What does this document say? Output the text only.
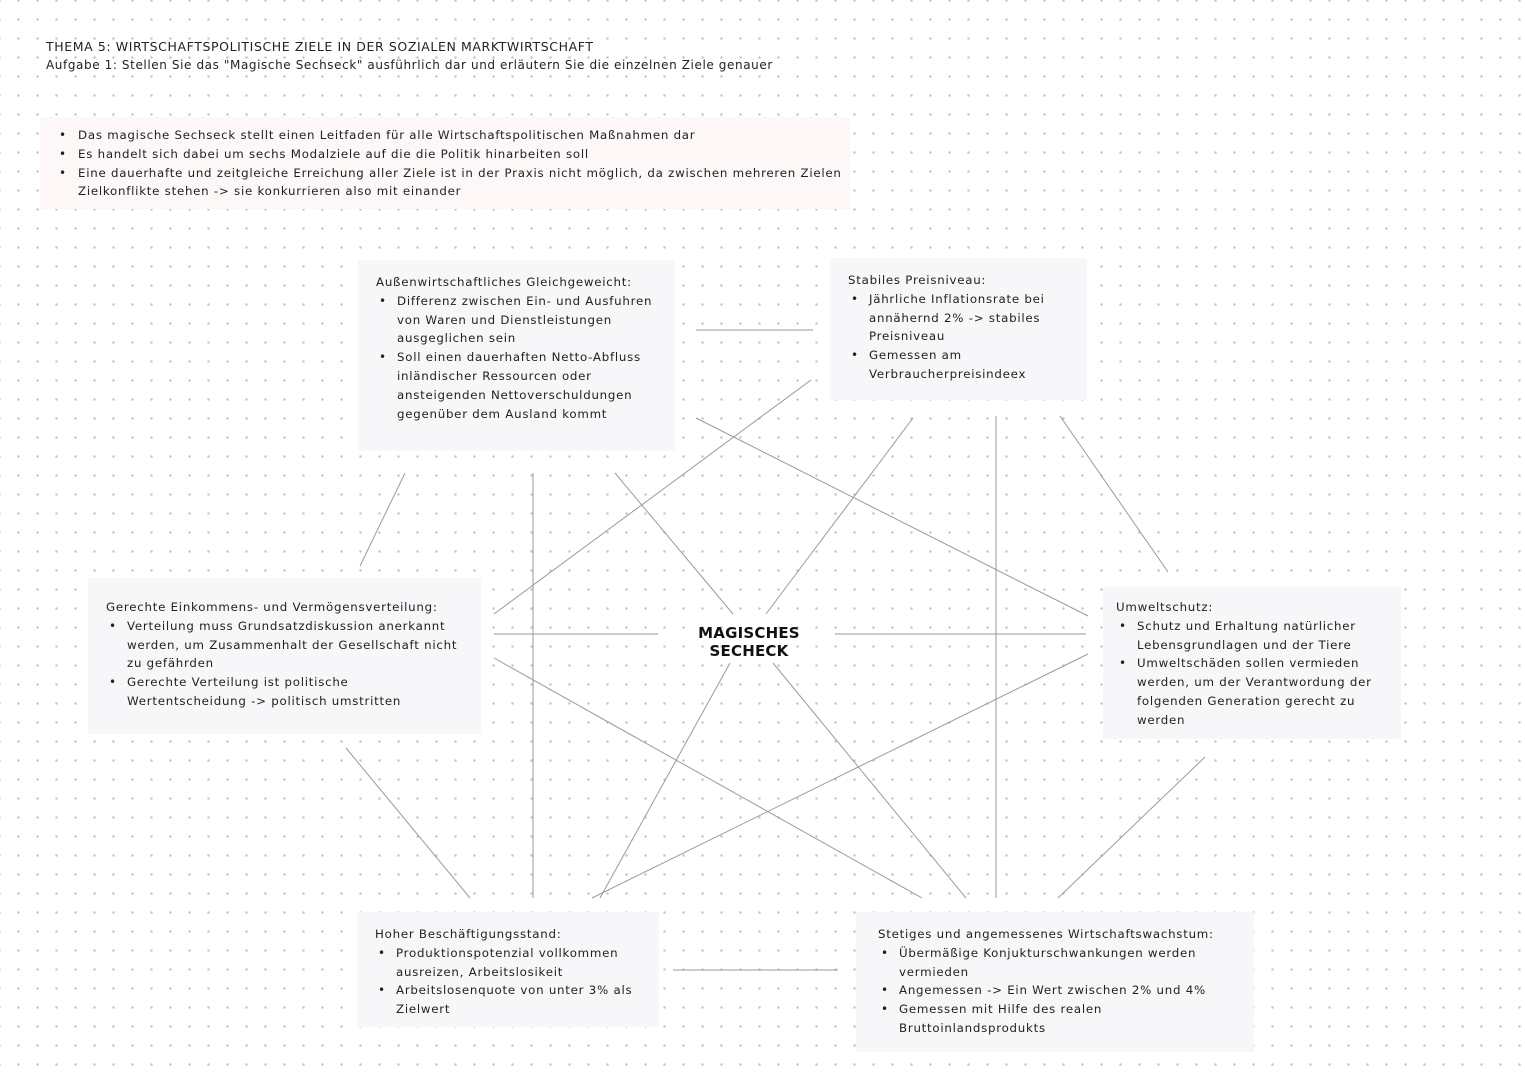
THEMA 5: WIRTSCHAFTSPOLITISCHE ZIELE IN DER SOZIALEN MARKTWIRTSCHAFT
Aufgabe 1: Stellen Sie das "Magische Sechseck" ausführlich dar und erläutern Sie die einzelnen Ziele genauer
• Das magische Sechseck stellt einen Leitfaden für alle Wirtschaftspolitischen Maßnahmen dar
• Es handelt sich dabei um sechs Modalziele auf die die Politik hinarbeiten soll
• Eine dauerhafte und zeitgleiche Erreichung aller Ziele ist in der Praxis nicht möglich, da zwischen mehreren Zielen Zielkonflikte stehen -> sie konkurrieren also mit einander
MAGISCHES SECHECK
Außenwirtschaftliches Gleichgeweicht:
• Differenz zwischen Ein- und Ausfuhren von Waren und Dienstleistungen ausgeglichen sein
• Soll einen dauerhaften Netto-Abfluss inländischer Ressourcen oder ansteigenden Nettoverschuldungen gegenüber dem Ausland kommt
Stabiles Preisniveau:
• Jährliche Inflationsrate bei annähernd 2% -> stabiles Preisniveau
• Gemessen am Verbraucherpreisindeex
Gerechte Einkommens- und Vermögensverteilung:
• Verteilung muss Grundsatzdiskussion anerkannt werden, um Zusammenhalt der Gesellschaft nicht zu gefährden
• Gerechte Verteilung ist politische Wertentscheidung -> politisch umstritten
Umweltschutz:
• Schutz und Erhaltung natürlicher Lebensgrundlagen und der Tiere
• Umweltschäden sollen vermieden werden, um der Verantwordung der folgenden Generation gerecht zu werden
Hoher Beschäftigungsstand:
• Produktionspotenzial vollkommen ausreizen, Arbeitslosikeit
• Arbeitslosenquote von unter 3% als Zielwert
Stetiges und angemessenes Wirtschaftswachstum:
• Übermäßige Konjukturschwankungen werden vermieden
• Angemessen -> Ein Wert zwischen 2% und 4%
• Gemessen mit Hilfe des realen Bruttoinlandsprodukts
